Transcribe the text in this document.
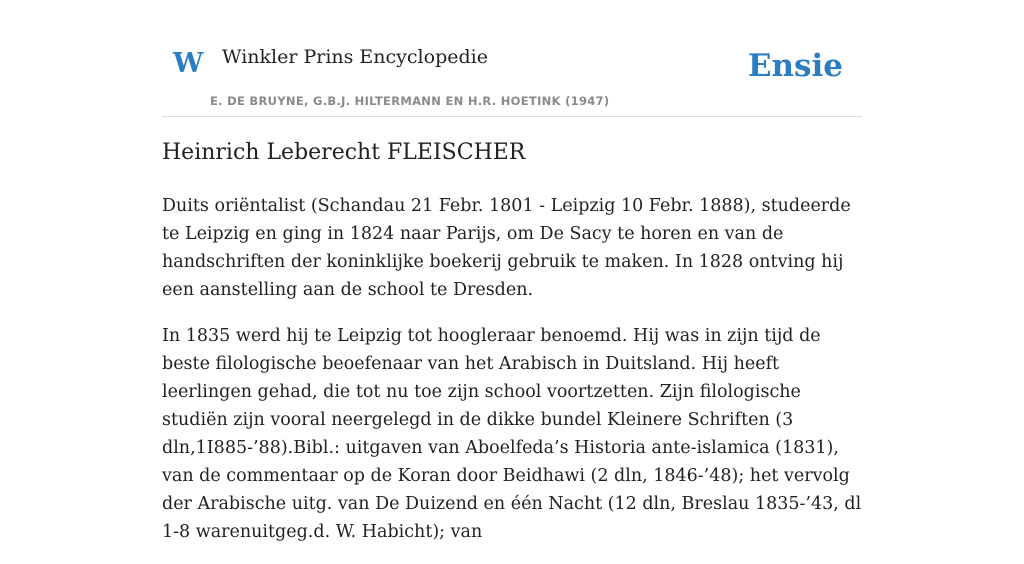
W Winkler Prins Encyclopedie
E. DE BRUYNE, G.B.J. HILTERMANN EN H.R. HOETINK (1947)
Ensie
Heinrich Leberecht FLEISCHER

Duits oriëntalist (Schandau 21 Febr. 1801 - Leipzig 10 Febr. 1888), studeerde te Leipzig en ging in 1824 naar Parijs, om De Sacy te horen en van de handschriften der koninklijke boekerij gebruik te maken. In 1828 ontving hij een aanstelling aan de school te Dresden.

In 1835 werd hij te Leipzig tot hoogleraar benoemd. Hij was in zijn tijd de beste filologische beoefenaar van het Arabisch in Duitsland. Hij heeft leerlingen gehad, die tot nu toe zijn school voortzetten. Zijn filologische studiën zijn vooral neergelegd in de dikke bundel Kleinere Schriften (3 dln,1I885-’88).Bibl.: uitgaven van Aboelfeda’s Historia ante-islamica (1831), van de commentaar op de Koran door Beidhawi (2 dln, 1846-’48); het vervolg der Arabische uitg. van De Duizend en één Nacht (12 dln, Breslau 1835-’43, dl 1-8 warenuitgeg.d. W. Habicht); van
